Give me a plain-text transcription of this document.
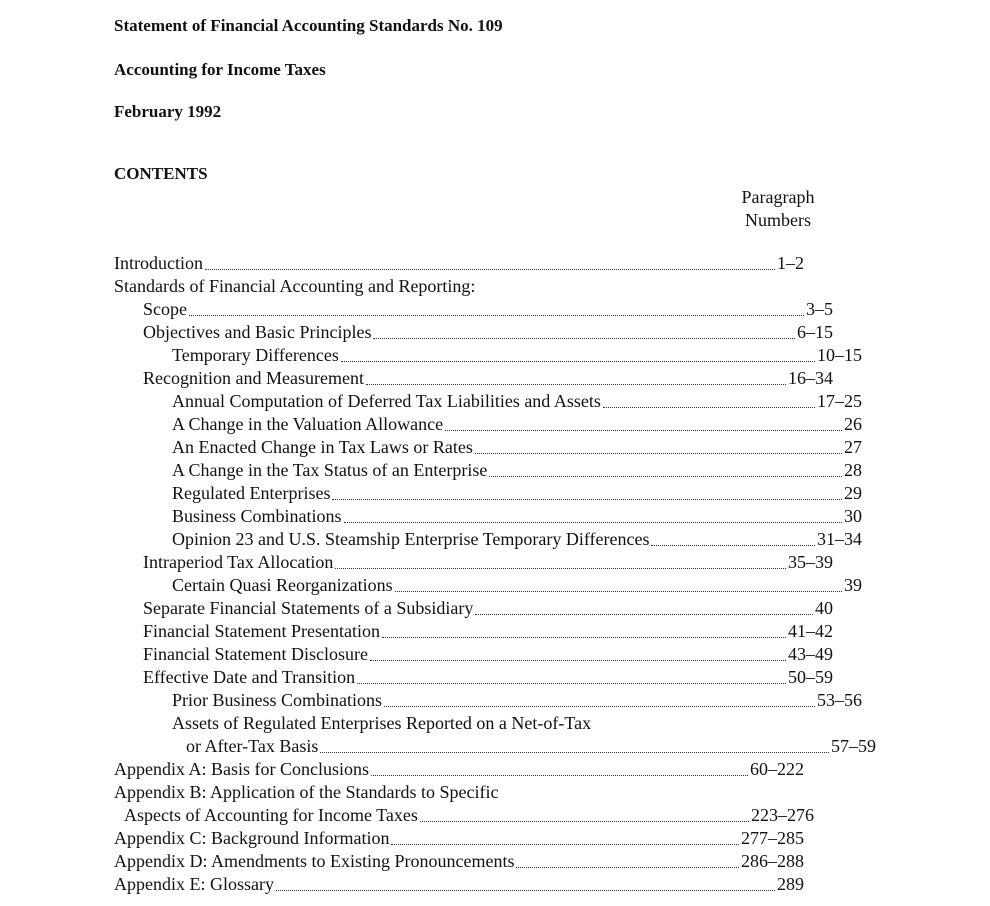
Statement of Financial Accounting Standards No. 109
Accounting for Income Taxes
February 1992
CONTENTS
Paragraph
Numbers
Introduction	1–2
Standards of Financial Accounting and Reporting:
Scope	3–5
Objectives and Basic Principles	6–15
Temporary Differences	10–15
Recognition and Measurement	16–34
Annual Computation of Deferred Tax Liabilities and Assets	17–25
A Change in the Valuation Allowance	26
An Enacted Change in Tax Laws or Rates	27
A Change in the Tax Status of an Enterprise	28
Regulated Enterprises	29
Business Combinations	30
Opinion 23 and U.S. Steamship Enterprise Temporary Differences	31–34
Intraperiod Tax Allocation	35–39
Certain Quasi Reorganizations	39
Separate Financial Statements of a Subsidiary	40
Financial Statement Presentation	41–42
Financial Statement Disclosure	43–49
Effective Date and Transition	50–59
Prior Business Combinations	53–56
Assets of Regulated Enterprises Reported on a Net-of-Tax
or After-Tax Basis	57–59
Appendix A: Basis for Conclusions	60–222
Appendix B: Application of the Standards to Specific
Aspects of Accounting for Income Taxes	223–276
Appendix C: Background Information	277–285
Appendix D: Amendments to Existing Pronouncements	286–288
Appendix E: Glossary	289
